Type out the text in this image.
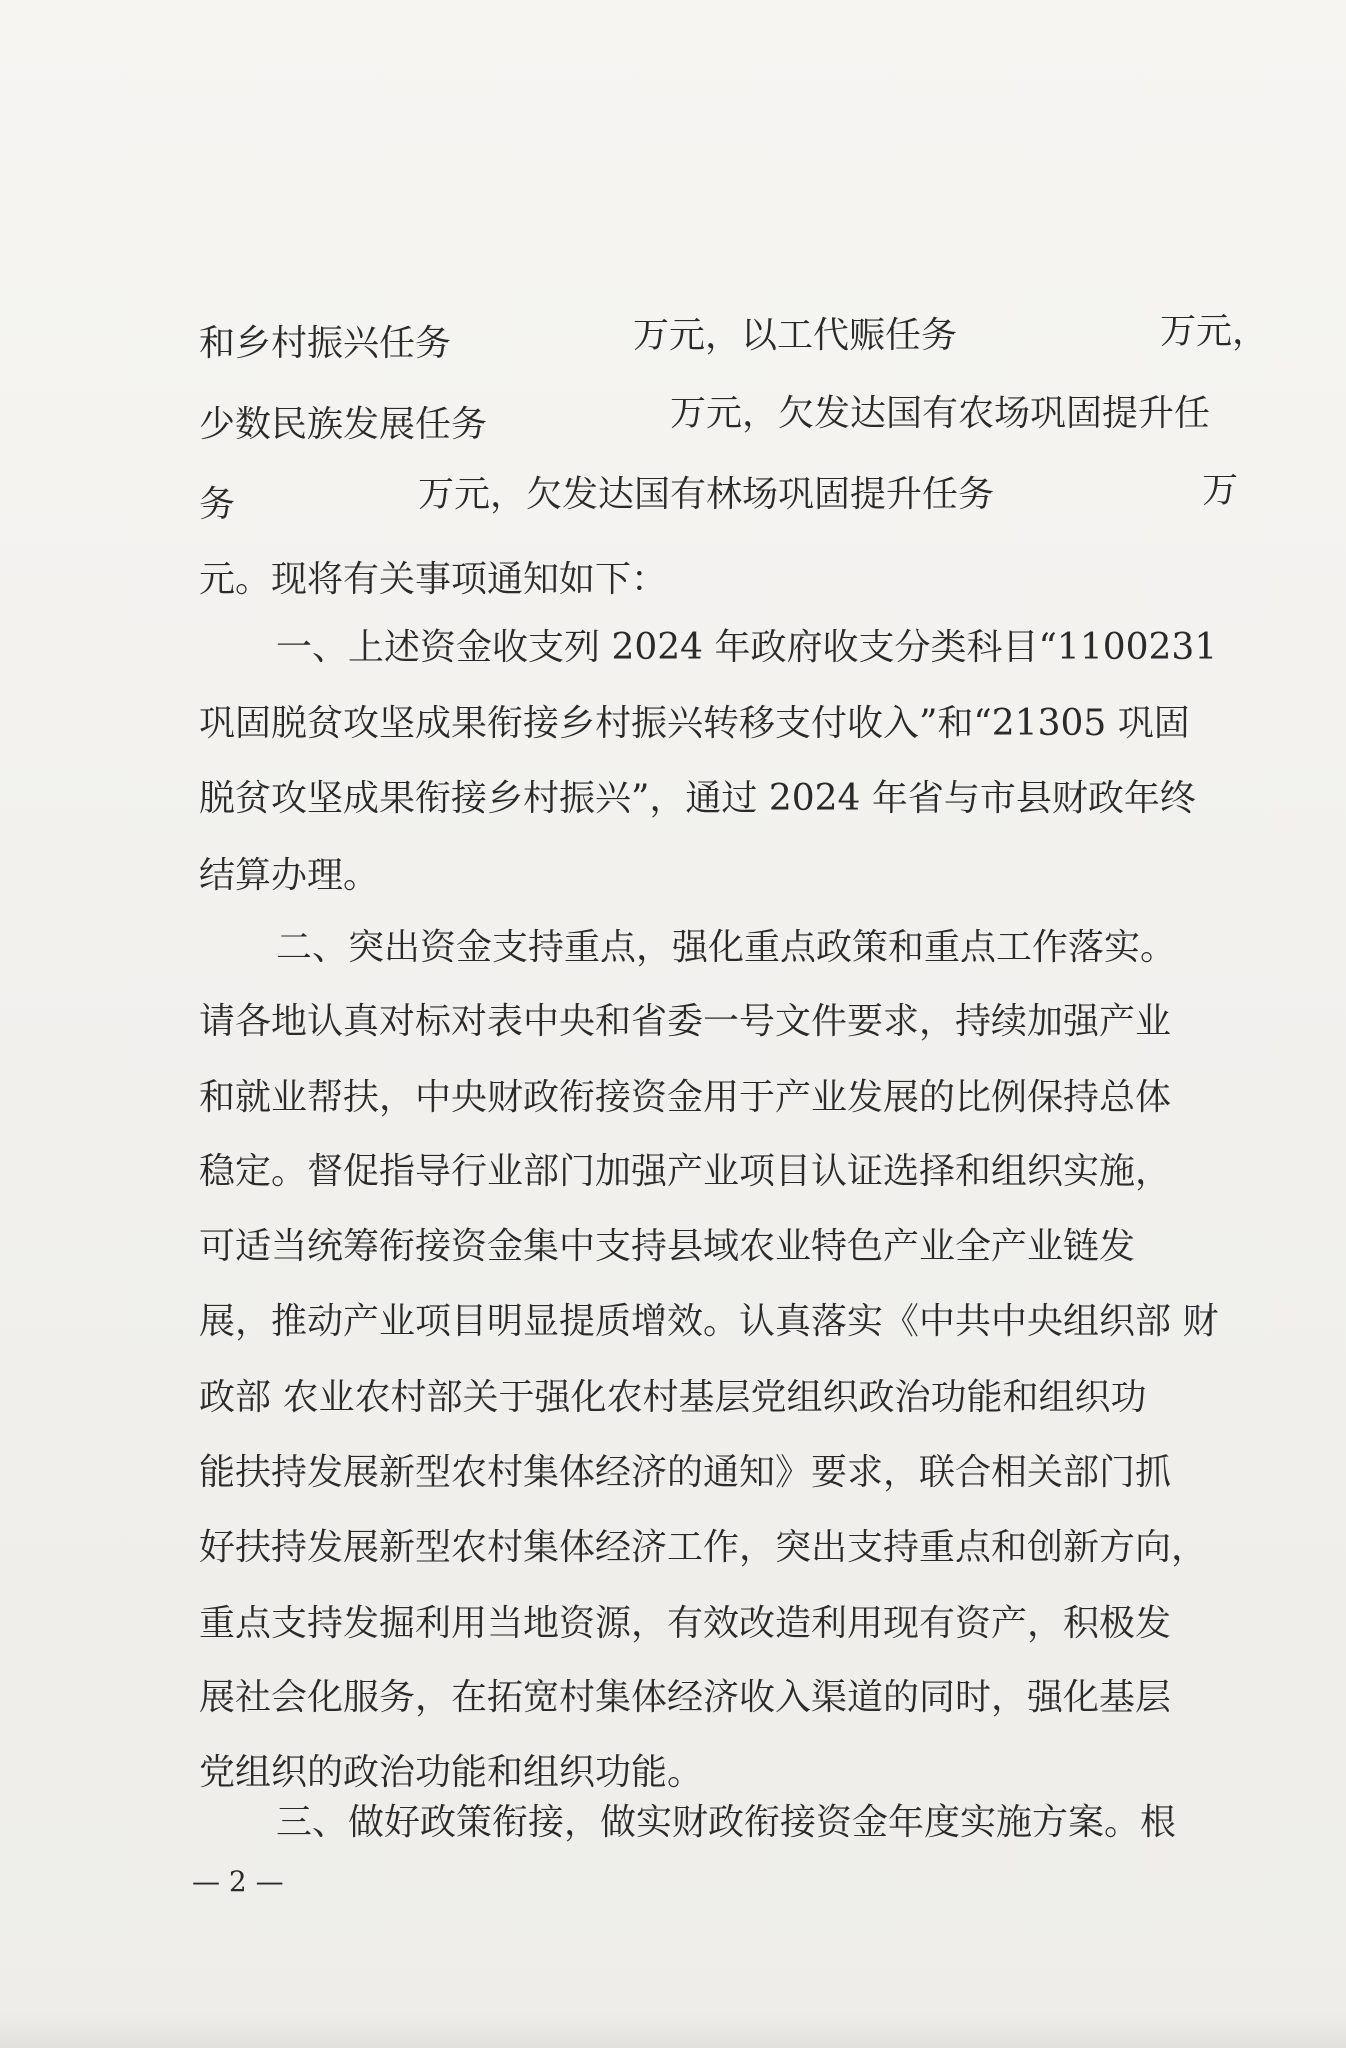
和乡村振兴任务	万元，以工代赈任务	万元，
少数民族发展任务	万元，欠发达国有农场巩固提升任
务	万元，欠发达国有林场巩固提升任务	万
元。现将有关事项通知如下：
一、上述资金收支列 2024 年政府收支分类科目“1100231
巩固脱贫攻坚成果衔接乡村振兴转移支付收入”和“21305 巩固
脱贫攻坚成果衔接乡村振兴”，通过 2024 年省与市县财政年终
结算办理。
二、突出资金支持重点，强化重点政策和重点工作落实。
请各地认真对标对表中央和省委一号文件要求，持续加强产业
和就业帮扶，中央财政衔接资金用于产业发展的比例保持总体
稳定。督促指导行业部门加强产业项目认证选择和组织实施，
可适当统筹衔接资金集中支持县域农业特色产业全产业链发
展，推动产业项目明显提质增效。认真落实《中共中央组织部 财
政部 农业农村部关于强化农村基层党组织政治功能和组织功
能扶持发展新型农村集体经济的通知》要求，联合相关部门抓
好扶持发展新型农村集体经济工作，突出支持重点和创新方向，
重点支持发掘利用当地资源，有效改造利用现有资产，积极发
展社会化服务，在拓宽村集体经济收入渠道的同时，强化基层
党组织的政治功能和组织功能。
三、做好政策衔接，做实财政衔接资金年度实施方案。根
— 2 —
